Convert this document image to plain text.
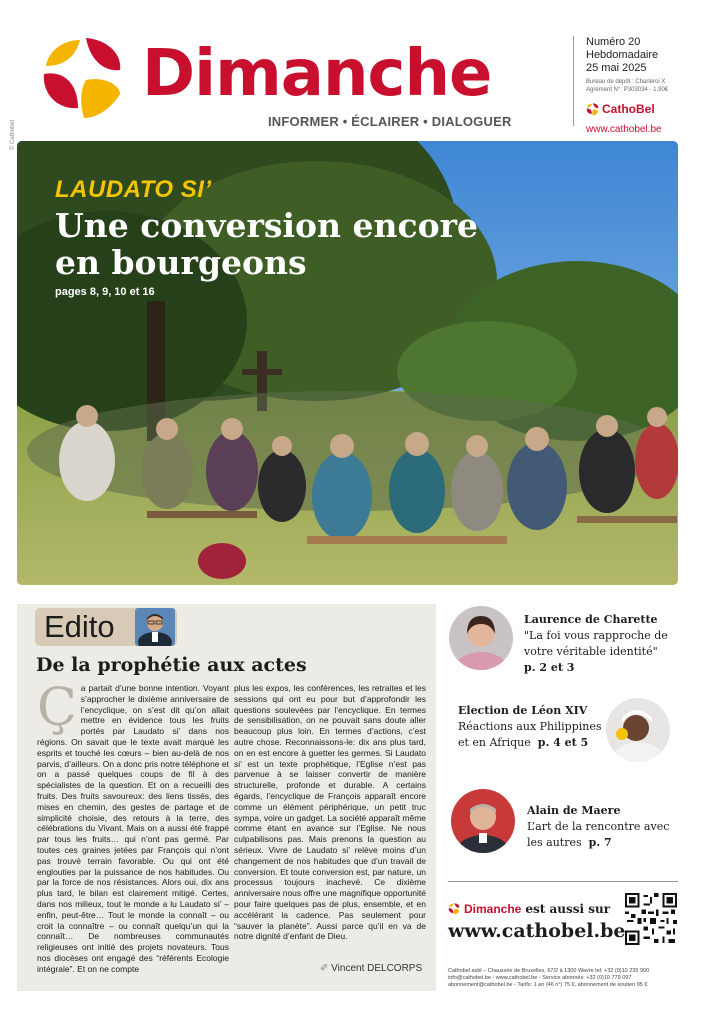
Dimanche
INFORMER • ÉCLAIRER • DIALOGUER
Numéro 20
Hebdomadaire
25 mai 2025
Bureau de dépôt : Charleroi X
Agrément N°: P303034 - 1,90€
CathoBel
www.cathobel.be
© Cathobel
LAUDATO SI’
Une conversion encore en bourgeons
pages 8, 9, 10 et 16
Edito
De la prophétie aux actes
Ç a partait d’une bonne intention. Voyant s’approcher le dixième anniversaire de l’encyclique, on s’est dit qu’on allait mettre en évidence tous les fruits portés par Laudato si’ dans nos régions. On savait que le texte avait marqué les esprits et touché les cœurs – bien au-delà de nos parvis, d’ailleurs. On a donc pris notre téléphone et on a passé quelques coups de fil à des spécialistes de la question. Et on a recueilli des fruits. Des fruits savoureux: des liens tissés, des mises en chemin, des gestes de partage et de simplicité choisie, des retours à la terre, des célébrations du Vivant. Mais on a aussi été frappé par tous les fruits… qui n’ont pas germé. Par toutes ces graines jetées par François qui n’ont pas trouvé terrain favorable. Ou qui ont été englouties par la puissance de nos habitudes. Ou par la force de nos résistances. Alors oui, dix ans plus tard, le bilan est clairement mitigé. Certes, dans nos milieux, tout le monde a lu Laudato si’ – enfin, peut-être… Tout le monde la connaît – ou croit la connaître – ou connaît quelqu’un qui la connaît… De nombreuses communautés religieuses ont initié des projets novateurs. Tous nos diocèses ont engagé des “référents Ecologie intégrale”. Et on ne compte

plus les expos, les conférences, les retraites et les sessions qui ont eu pour but d’approfondir les questions soulevées par l’encyclique. En termes de sensibilisation, on ne pouvait sans doute aller beaucoup plus loin. En termes d’actions, c’est autre chose. Reconnaissons-le: dix ans plus tard, on en est encore à guetter les germes. Si Laudato si’ est un texte prophétique, l’Eglise n’est pas parvenue à se laisser convertir de manière structurelle, profonde et durable. A certains égards, l’encyclique de François apparaît encore comme un élément périphérique, un petit truc sympa, voire un gadget. La société apparaît même comme étant en avance sur l’Eglise. Ne nous culpabilisons pas. Mais prenons la question au sérieux. Vivre de Laudato si’ relève moins d’un changement de nos habitudes que d’un travail de conversion. Et toute conversion est, par nature, un processus toujours inachevé. Ce dixième anniversaire nous offre une magnifique opportunité pour faire quelques pas de plus, ensemble, et en accélérant la cadence. Pas seulement pour “sauver la planète”. Aussi parce qu’il en va de notre dignité d’enfant de Dieu.

✐ Vincent DELCORPS
Laurence de Charette
"La foi vous rapproche de
votre véritable identité"
p. 2 et 3
Election de Léon XIV
Réactions aux Philippines
et en Afrique p. 4 et 5
Alain de Maere
L’art de la rencontre avec
les autres p. 7
Dimanche est aussi sur
www.cathobel.be
Cathobel asbl – Chaussée de Bruxelles, 67/2 à 1300 Wavre tel: +32 (0)10 235 900
info@cathobel.be - www.cathobel.be - Service abonnés: +32 (0)10 779 097
abonnement@cathobel.be - Tarifs: 1 an (46 n°) 75 €, abonnement de soutien 95 €
